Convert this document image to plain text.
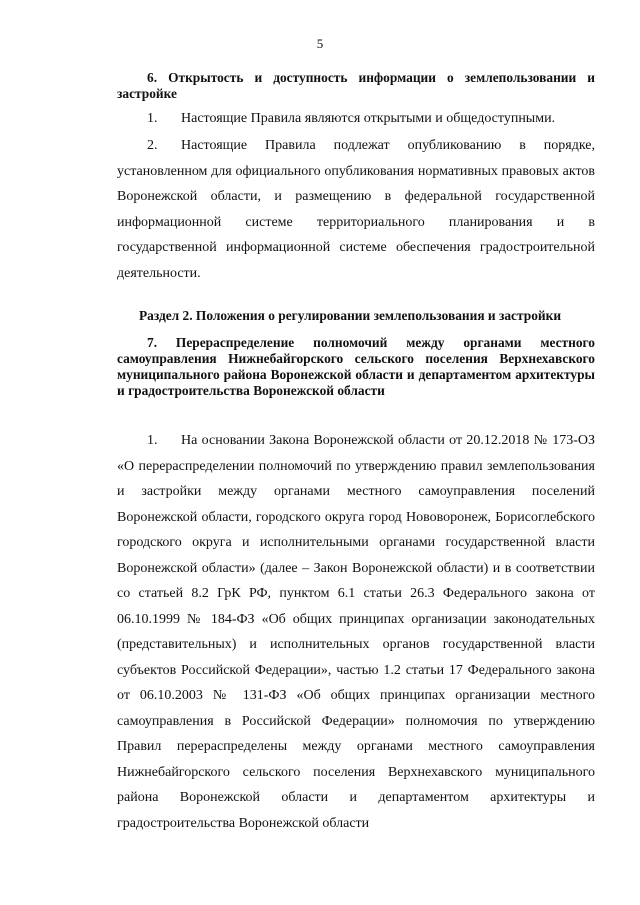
5
6. Открытость и доступность информации о землепользовании и застройке
1. Настоящие Правила являются открытыми и общедоступными.
2. Настоящие Правила подлежат опубликованию в порядке, установленном для официального опубликования нормативных правовых актов Воронежской области, и размещению в федеральной государственной информационной системе территориального планирования и в государственной информационной системе обеспечения градостроительной деятельности.
Раздел 2. Положения о регулировании землепользования и застройки
7. Перераспределение полномочий между органами местного самоуправления Нижнебайгорского сельского поселения Верхнехавского муниципального района Воронежской области и департаментом архитектуры и градостроительства Воронежской области
1. На основании Закона Воронежской области от 20.12.2018 № 173-ОЗ «О перераспределении полномочий по утверждению правил землепользования и застройки между органами местного самоуправления поселений Воронежской области, городского округа город Нововоронеж, Борисоглебского городского округа и исполнительными органами государственной власти Воронежской области» (далее – Закон Воронежской области) и в соответствии со статьей 8.2 ГрК РФ, пунктом 6.1 статьи 26.3 Федерального закона от 06.10.1999 № 184-ФЗ «Об общих принципах организации законодательных (представительных) и исполнительных органов государственной власти субъектов Российской Федерации», частью 1.2 статьи 17 Федерального закона от 06.10.2003 № 131-ФЗ «Об общих принципах организации местного самоуправления в Российской Федерации» полномочия по утверждению Правил перераспределены между органами местного самоуправления Нижнебайгорского сельского поселения Верхнехавского муниципального района Воронежской области и департаментом архитектуры и градостроительства Воронежской области
